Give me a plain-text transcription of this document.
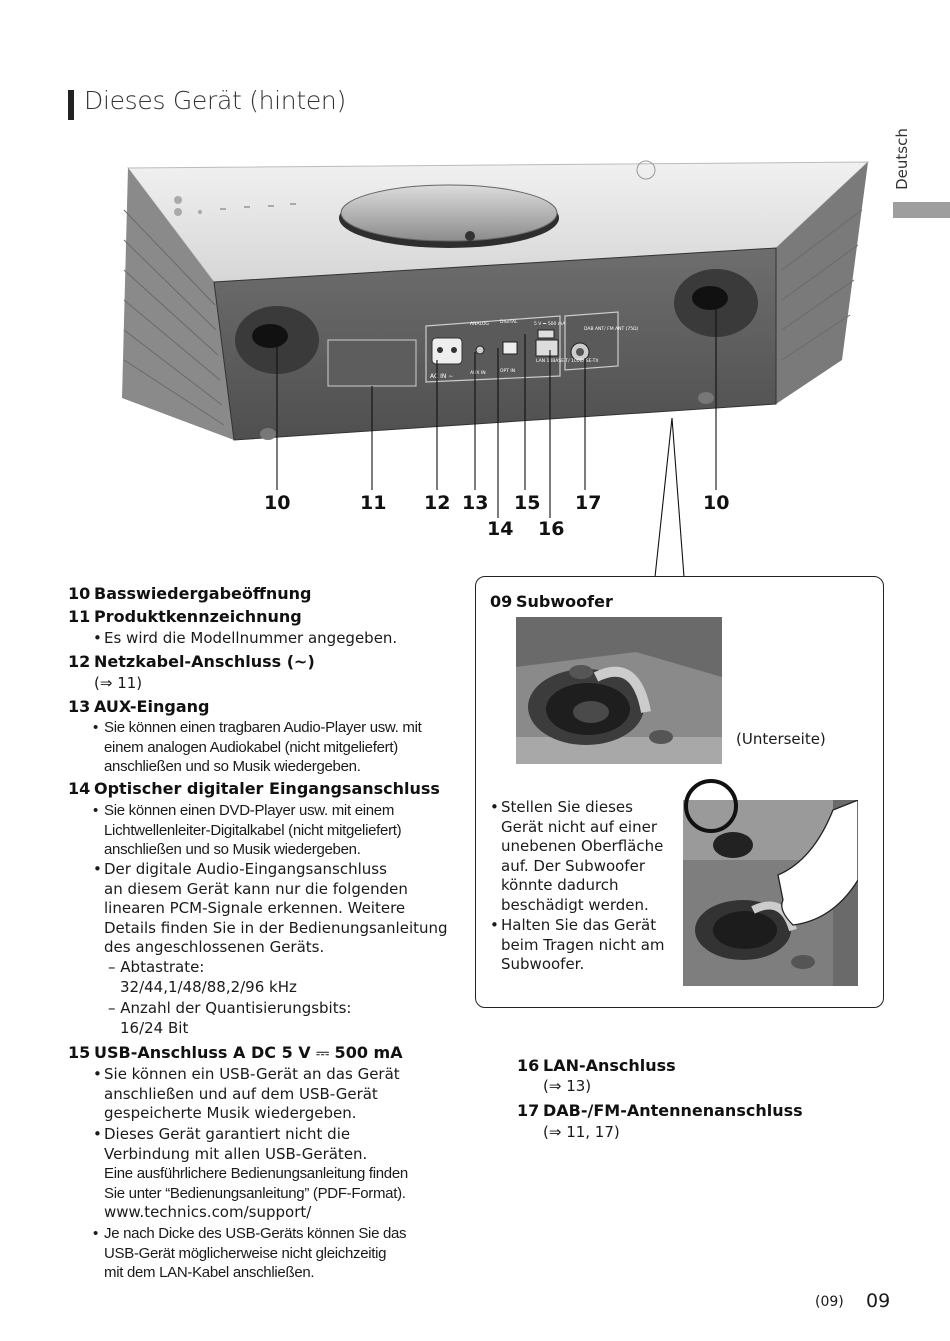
Dieses Gerät (hinten)
Deutsch
ANALOG DIGITAL	5 V ⎓ 500 mA
DAB ANT/ FM ANT (75Ω)
AC IN ∼	AUX IN	OPT IN
LAN 10BASE-T/ 100BASE-TX
10	11 12 13 15 17	10
14 16
09 Subwoofer
(Unterseite)
• Stellen Sie dieses
Gerät nicht auf einer
unebenen Oberfläche
auf. Der Subwoofer
könnte dadurch
beschädigt werden.
• Halten Sie das Gerät
beim Tragen nicht am
Subwoofer.
10 Basswiedergabeöffnung
11 Produktkennzeichnung
• Es wird die Modellnummer angegeben.
12 Netzkabel-Anschluss (∼)
(⇒ 11)
13 AUX-Eingang
• Sie können einen tragbaren Audio-Player usw. mit
einem analogen Audiokabel (nicht mitgeliefert)
anschließen und so Musik wiedergeben.
14 Optischer digitaler Eingangsanschluss
• Sie können einen DVD-Player usw. mit einem
Lichtwellenleiter-Digitalkabel (nicht mitgeliefert)
anschließen und so Musik wiedergeben.
• Der digitale Audio-Eingangsanschluss
an diesem Gerät kann nur die folgenden
linearen PCM-Signale erkennen. Weitere
Details finden Sie in der Bedienungsanleitung
des angeschlossenen Geräts.
– Abtastrate:
32/44,1/48/88,2/96 kHz
– Anzahl der Quantisierungsbits:
16/24 Bit
15 USB-Anschluss A DC 5 V ⎓ 500 mA
• Sie können ein USB-Gerät an das Gerät
anschließen und auf dem USB-Gerät
gespeicherte Musik wiedergeben.
• Dieses Gerät garantiert nicht die
Verbindung mit allen USB-Geräten.
Eine ausführlichere Bedienungsanleitung finden
Sie unter “Bedienungsanleitung” (PDF-Format).
www.technics.com/support/
• Je nach Dicke des USB-Geräts können Sie das
USB-Gerät möglicherweise nicht gleichzeitig
mit dem LAN-Kabel anschließen.
16 LAN-Anschluss
(⇒ 13)
17 DAB-/FM-Antennenanschluss
(⇒ 11, 17)
(09) 09
